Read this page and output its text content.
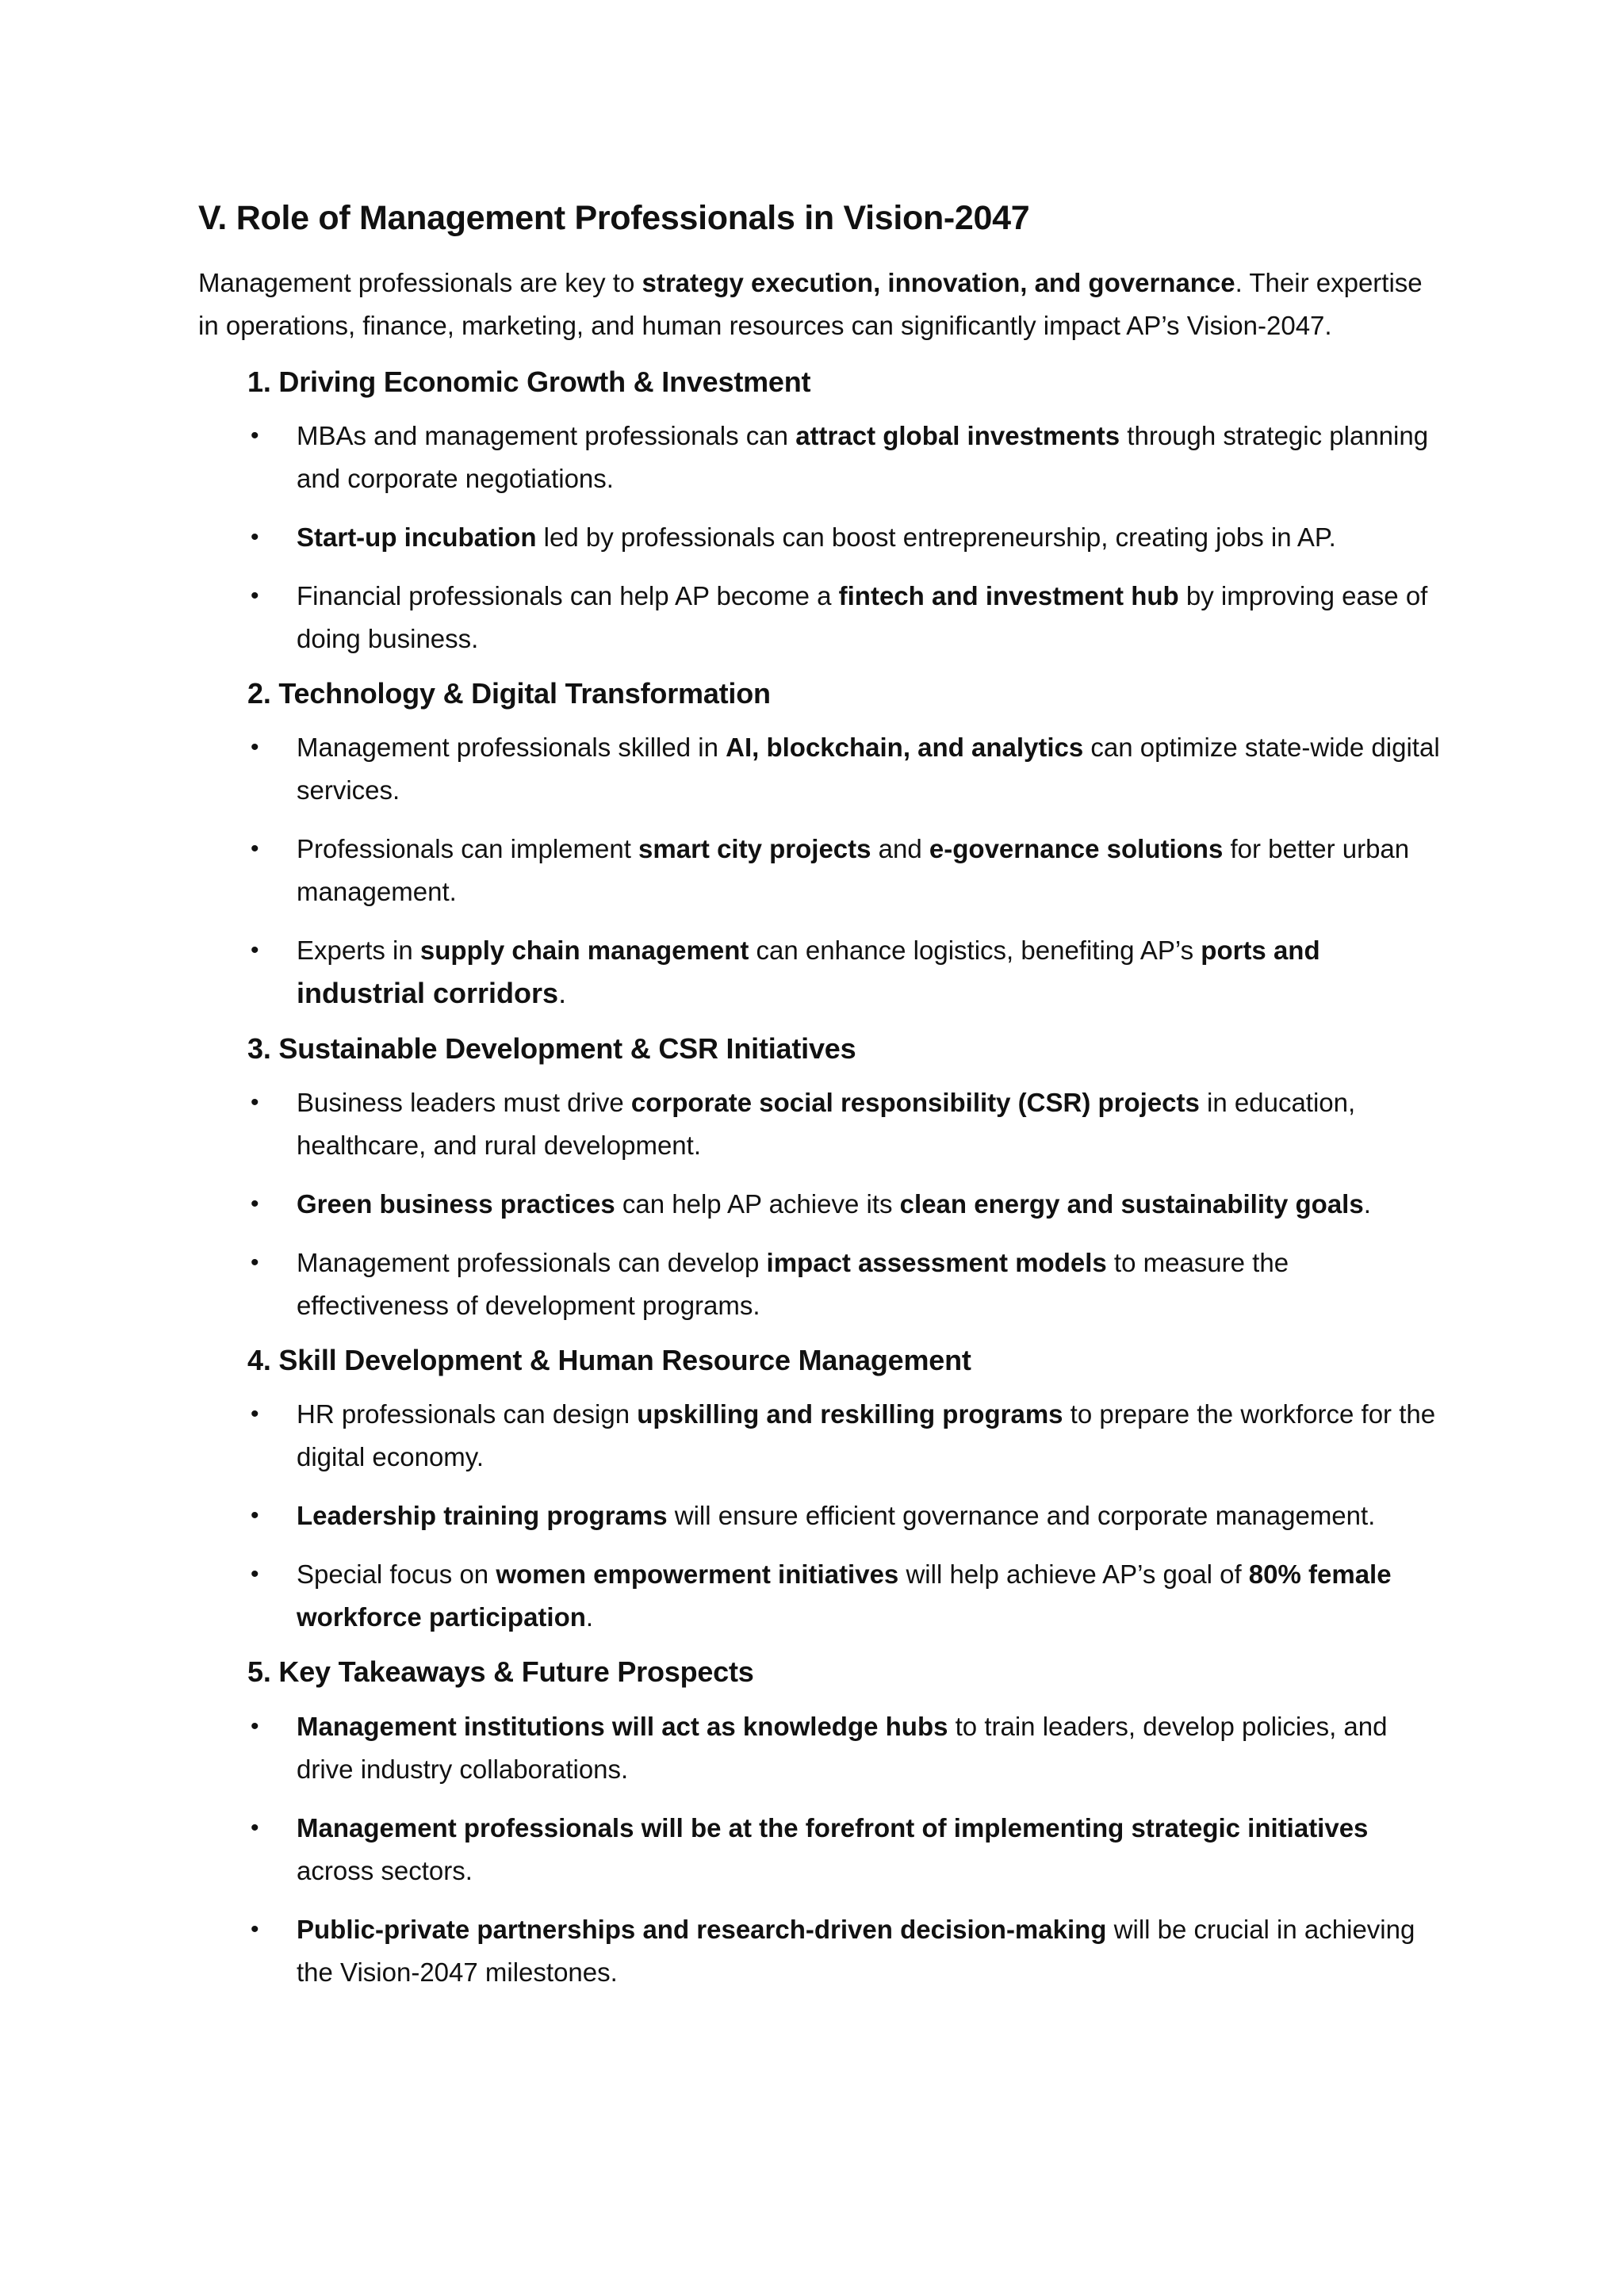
V. Role of Management Professionals in Vision-2047

Management professionals are key to strategy execution, innovation, and governance. Their expertise in operations, finance, marketing, and human resources can significantly impact AP’s Vision-2047.

1. Driving Economic Growth & Investment
• MBAs and management professionals can attract global investments through strategic planning and corporate negotiations.
• Start-up incubation led by professionals can boost entrepreneurship, creating jobs in AP.
• Financial professionals can help AP become a fintech and investment hub by improving ease of doing business.
2. Technology & Digital Transformation
• Management professionals skilled in AI, blockchain, and analytics can optimize state-wide digital services.
• Professionals can implement smart city projects and e-governance solutions for better urban management.
• Experts in supply chain management can enhance logistics, benefiting AP’s ports and industrial corridors.
3. Sustainable Development & CSR Initiatives
• Business leaders must drive corporate social responsibility (CSR) projects in education, healthcare, and rural development.
• Green business practices can help AP achieve its clean energy and sustainability goals.
• Management professionals can develop impact assessment models to measure the effectiveness of development programs.
4. Skill Development & Human Resource Management
• HR professionals can design upskilling and reskilling programs to prepare the workforce for the digital economy.
• Leadership training programs will ensure efficient governance and corporate management.
• Special focus on women empowerment initiatives will help achieve AP’s goal of 80% female workforce participation.
5. Key Takeaways & Future Prospects
• Management institutions will act as knowledge hubs to train leaders, develop policies, and drive industry collaborations.
• Management professionals will be at the forefront of implementing strategic initiatives across sectors.
• Public-private partnerships and research-driven decision-making will be crucial in achieving the Vision-2047 milestones.
